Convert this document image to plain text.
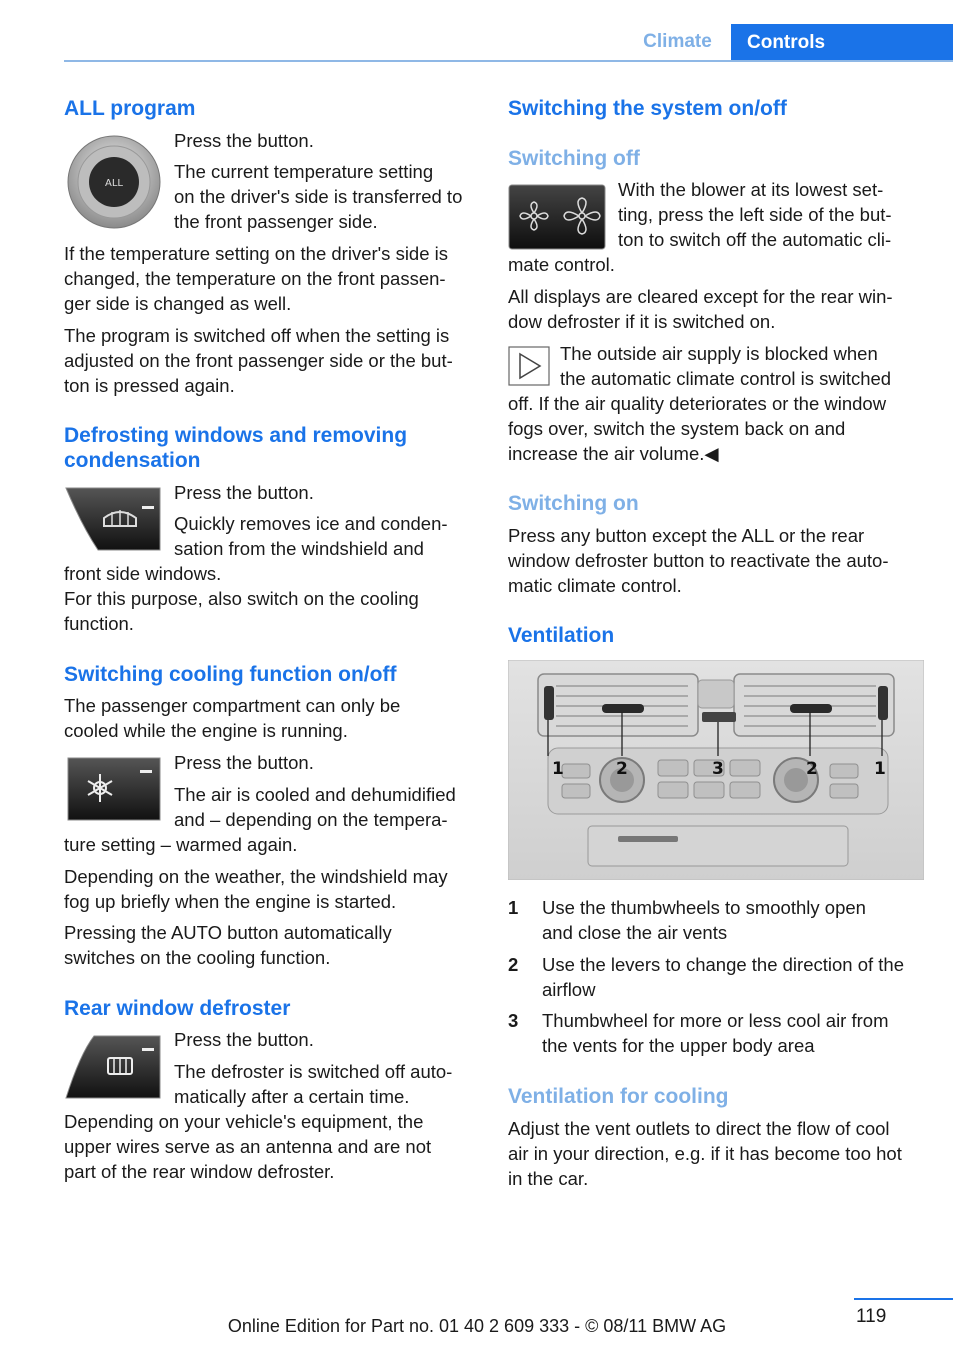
Climate	Controls
ALL program
ALL

Press the button.

The current temperature setting

on the driver's side is transferred to

the front passenger side.

If the temperature setting on the driver's side is

changed, the temperature on the front passen-

ger side is changed as well.

The program is switched off when the setting is

adjusted on the front passenger side or the but-

ton is pressed again.

Defrosting windows and removing
condensation

Press the button.

Quickly removes ice and conden-

sation from the windshield and

front side windows.

For this purpose, also switch on the cooling

function.

Switching cooling function on/off

The passenger compartment can only be

cooled while the engine is running.

Press the button.

The air is cooled and dehumidified

and – depending on the tempera-

ture setting – warmed again.

Depending on the weather, the windshield may

fog up briefly when the engine is started.

Pressing the AUTO button automatically

switches on the cooling function.

Rear window defroster

Press the button.

The defroster is switched off auto-

matically after a certain time.

Depending on your vehicle's equipment, the

upper wires serve as an antenna and are not

part of the rear window defroster.

Switching the system on/off
Switching off

With the blower at its lowest set-

ting, press the left side of the but-

ton to switch off the automatic cli-

mate control.

All displays are cleared except for the rear win-

dow defroster if it is switched on.

The outside air supply is blocked when

the automatic climate control is switched

off. If the air quality deteriorates or the window

fogs over, switch the system back on and

increase the air volume.◀

Switching on

Press any button except the ALL or the rear

window defroster button to reactivate the auto-

matic climate control.

Ventilation
1	2	3	2	1
1 Use the thumbwheels to smoothly open

and close the air vents

2 Use the levers to change the direction of the

airflow

3 Thumbwheel for more or less cool air from

the vents for the upper body area

Ventilation for cooling

Adjust the vent outlets to direct the flow of cool

air in your direction, e.g. if it has become too hot

in the car.

119
Online Edition for Part no. 01 40 2 609 333 - © 08/11 BMW AG
